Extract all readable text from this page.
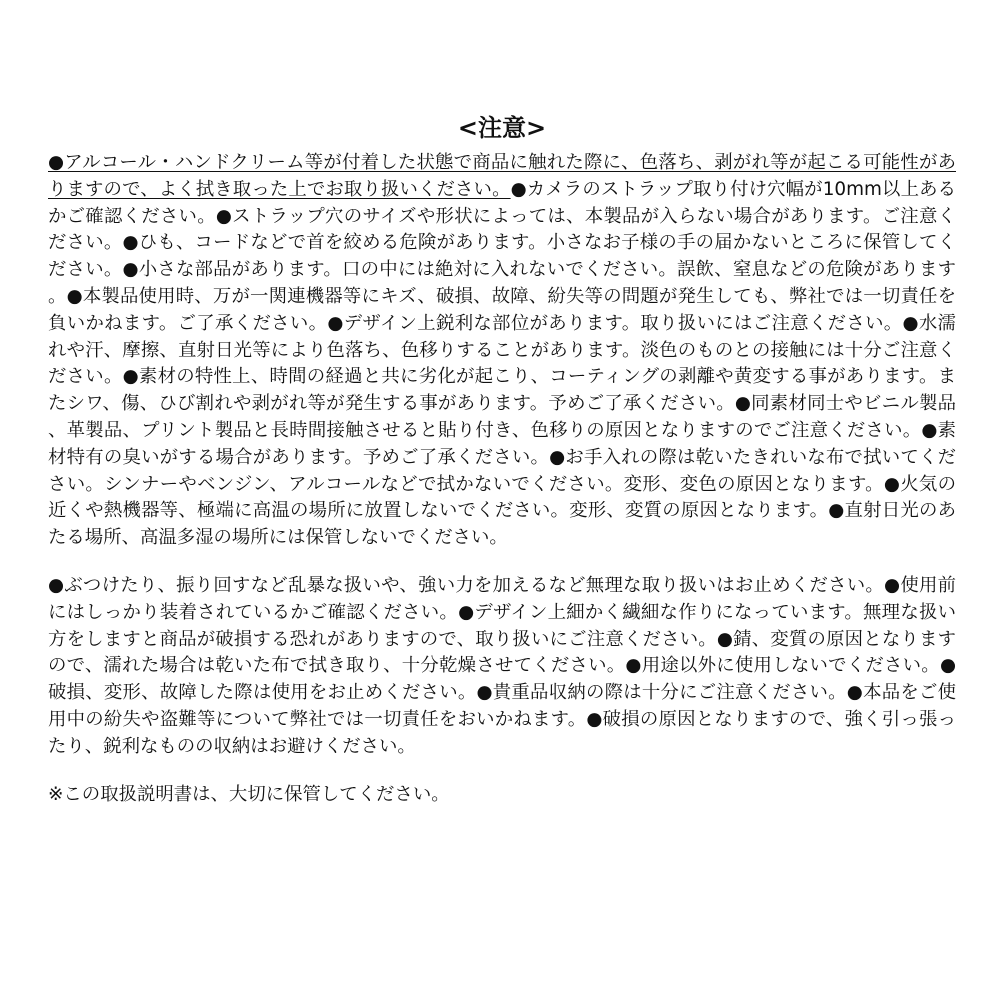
<注意>

●アルコール・ハンドクリーム等が付着した状態で商品に触れた際に、色落ち、剥がれ等が起こる可能性がありますので、よく拭き取った上でお取り扱いください。●カメラのストラップ取り付け穴幅が10mm以上あるかご確認ください。●ストラップ穴のサイズや形状によっては、本製品が入らない場合があります。ご注意ください。●ひも、コードなどで首を絞める危険があります。小さなお子様の手の届かないところに保管してください。●小さな部品があります。口の中には絶対に入れないでください。誤飲、窒息などの危険があります。●本製品使用時、万が一関連機器等にキズ、破損、故障、紛失等の問題が発生しても、弊社では一切責任を負いかねます。ご了承ください。●デザイン上鋭利な部位があります。取り扱いにはご注意ください。●水濡れや汗、摩擦、直射日光等により色落ち、色移りすることがあります。淡色のものとの接触には十分ご注意ください。●素材の特性上、時間の経過と共に劣化が起こり、コーティングの剥離や黄変する事があります。またシワ、傷、ひび割れや剥がれ等が発生する事があります。予めご了承ください。●同素材同士やビニル製品、革製品、プリント製品と長時間接触させると貼り付き、色移りの原因となりますのでご注意ください。●素材特有の臭いがする場合があります。予めご了承ください。●お手入れの際は乾いたきれいな布で拭いてください。シンナーやベンジン、アルコールなどで拭かないでください。変形、変色の原因となります。●火気の近くや熱機器等、極端に高温の場所に放置しないでください。変形、変質の原因となります。●直射日光のあたる場所、高温多湿の場所には保管しないでください。

●ぶつけたり、振り回すなど乱暴な扱いや、強い力を加えるなど無理な取り扱いはお止めください。●使用前にはしっかり装着されているかご確認ください。●デザイン上細かく繊細な作りになっています。無理な扱い方をしますと商品が破損する恐れがありますので、取り扱いにご注意ください。●錆、変質の原因となりますので、濡れた場合は乾いた布で拭き取り、十分乾燥させてください。●用途以外に使用しないでください。●破損、変形、故障した際は使用をお止めください。●貴重品収納の際は十分にご注意ください。●本品をご使用中の紛失や盗難等について弊社では一切責任をおいかねます。●破損の原因となりますので、強く引っ張ったり、鋭利なものの収納はお避けください。

※この取扱説明書は、大切に保管してください。
